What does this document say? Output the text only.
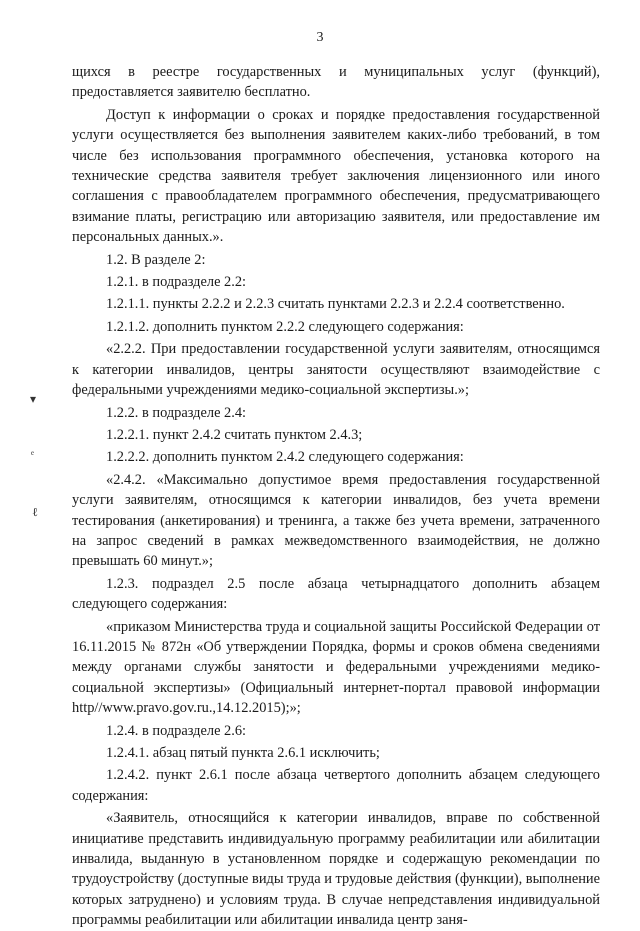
3

щихся в реестре государственных и муниципальных услуг (функций), предоставляется заявителю бесплатно.

Доступ к информации о сроках и порядке предоставления государственной услуги осуществляется без выполнения заявителем каких-либо требований, в том числе без использования программного обеспечения, установка которого на технические средства заявителя требует заключения лицензионного или иного соглашения с правообладателем программного обеспечения, предусматривающего взимание платы, регистрацию или авторизацию заявителя, или предоставление им персональных данных.».

1.2. В разделе 2:

1.2.1. в подразделе 2.2:

1.2.1.1. пункты 2.2.2 и 2.2.3 считать пунктами 2.2.3 и 2.2.4 соответственно.

1.2.1.2. дополнить пунктом 2.2.2 следующего содержания:

«2.2.2. При предоставлении государственной услуги заявителям, относящимся к категории инвалидов, центры занятости осуществляют взаимодействие с федеральными учреждениями медико-социальной экспертизы.»;

1.2.2. в подразделе 2.4:

1.2.2.1. пункт 2.4.2 считать пунктом 2.4.3;

1.2.2.2. дополнить пунктом 2.4.2 следующего содержания:

«2.4.2. «Максимально допустимое время предоставления государственной услуги заявителям, относящимся к категории инвалидов, без учета времени тестирования (анкетирования) и тренинга, а также без учета времени, затраченного на запрос сведений в рамках межведомственного взаимодействия, не должно превышать 60 минут.»;

1.2.3. подраздел 2.5 после абзаца четырнадцатого дополнить абзацем следующего содержания:

«приказом Министерства труда и социальной защиты Российской Федерации от 16.11.2015 № 872н «Об утверждении Порядка, формы и сроков обмена сведениями между органами службы занятости и федеральными учреждениями медико-социальной экспертизы» (Официальный интернет-портал правовой информации http//www.pravo.gov.ru.,14.12.2015);»;

1.2.4. в подразделе 2.6:

1.2.4.1. абзац пятый пункта 2.6.1 исключить;

1.2.4.2. пункт 2.6.1 после абзаца четвертого дополнить абзацем следующего содержания:

«Заявитель, относящийся к категории инвалидов, вправе по собственной инициативе представить индивидуальную программу реабилитации или абилитации инвалида, выданную в установленном порядке и содержащую рекомендации по трудоустройству (доступные виды труда и трудовые действия (функции), выполнение которых затруднено) и условиям труда. В случае непредставления индивидуальной программы реабилитации или абилитации инвалида центр заня-

▾
ₑ
ℓ
